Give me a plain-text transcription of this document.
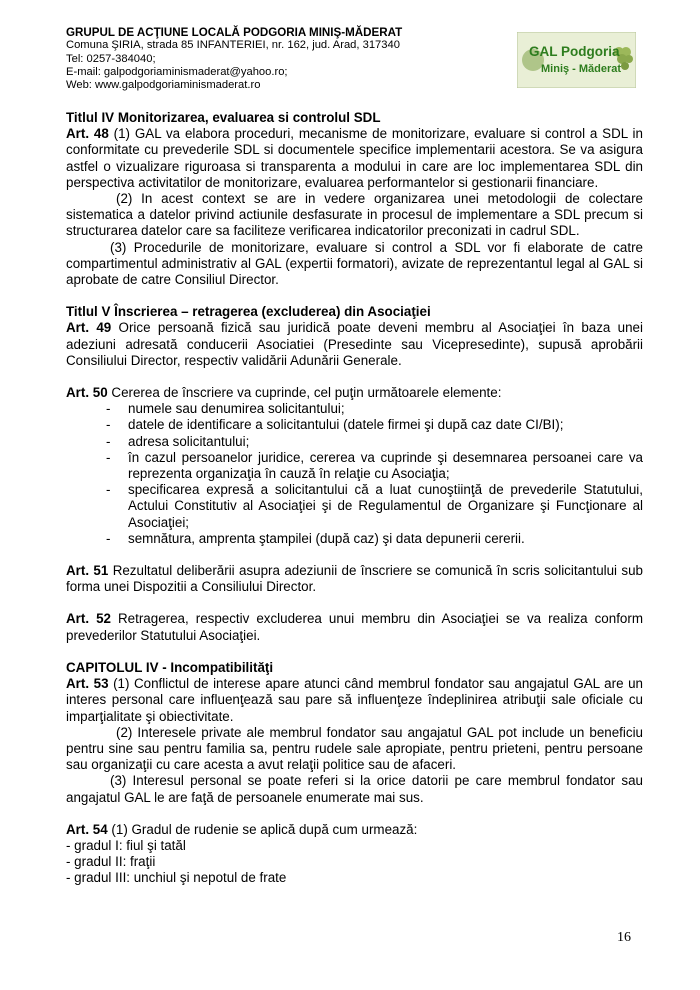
GRUPUL DE ACŢIUNE LOCALĂ PODGORIA MINIŞ-MĂDERAT
Comuna ŞIRIA, strada 85 INFANTERIEI, nr. 162, jud. Arad, 317340
Tel: 0257-384040;
E-mail: galpodgoriaminismaderat@yahoo.ro;
Web: www.galpodgoriaminismaderat.ro
GAL Podgoria
Miniş - Măderat

Titlul IV Monitorizarea, evaluarea si controlul SDL

Art. 48 (1) GAL va elabora proceduri, mecanisme de monitorizare, evaluare si control a SDL in conformitate cu prevederile SDL si documentele specifice implementarii acestora. Se va asigura astfel o vizualizare riguroasa si transparenta a modului in care are loc implementarea SDL din perspectiva activitatilor de monitorizare, evaluarea performantelor si gestionarii financiare.

(2) In acest context se are in vedere organizarea unei metodologii de colectare sistematica a datelor privind actiunile desfasurate in procesul de implementare a SDL precum si structurarea datelor care sa faciliteze verificarea indicatorilor preconizati in cadrul SDL.

(3) Procedurile de monitorizare, evaluare si control a SDL vor fi elaborate de catre compartimentul administrativ al GAL (expertii formatori), avizate de reprezentantul legal al GAL si aprobate de catre Consiliul Director.

Titlul V Înscrierea – retragerea (excluderea) din Asociaţiei

Art. 49 Orice persoană fizică sau juridică poate deveni membru al Asociaţiei în baza unei adeziuni adresată conducerii Asociatiei (Presedinte sau Vicepresedinte), supusă aprobării Consiliului Director, respectiv validării Adunării Generale.

Art. 50 Cererea de înscriere va cuprinde, cel puţin următoarele elemente:

- numele sau denumirea solicitantului;
- datele de identificare a solicitantului (datele firmei şi după caz date CI/BI);
- adresa solicitantului;
- în cazul persoanelor juridice, cererea va cuprinde şi desemnarea persoanei care va reprezenta organizaţia în cauză în relaţie cu Asociaţia;
- specificarea expresă a solicitantului că a luat cunoştiinţă de prevederile Statutului, Actului Constitutiv al Asociaţiei şi de Regulamentul de Organizare şi Funcţionare al Asociaţiei;
- semnătura, amprenta ştampilei (după caz) şi data depunerii cererii.

Art. 51 Rezultatul deliberării asupra adeziunii de înscriere se comunică în scris solicitantului sub forma unei Dispozitii a Consiliului Director.

Art. 52 Retragerea, respectiv excluderea unui membru din Asociaţiei se va realiza conform prevederilor Statutului Asociaţiei.

CAPITOLUL IV - Incompatibilităţi

Art. 53 (1) Conflictul de interese apare atunci când membrul fondator sau angajatul GAL are un interes personal care influenţează sau pare să influenţeze îndeplinirea atribuţii sale oficiale cu imparţialitate şi obiectivitate.

(2) Interesele private ale membrul fondator sau angajatul GAL pot include un beneficiu pentru sine sau pentru familia sa, pentru rudele sale apropiate, pentru prieteni, pentru persoane sau organizaţii cu care acesta a avut relaţii politice sau de afaceri.

(3) Interesul personal se poate referi si la orice datorii pe care membrul fondator sau angajatul GAL le are faţă de persoanele enumerate mai sus.

Art. 54 (1) Gradul de rudenie se aplică după cum urmează:

- gradul I: fiul şi tatăl

- gradul II: fraţii

- gradul III: unchiul şi nepotul de frate

16
